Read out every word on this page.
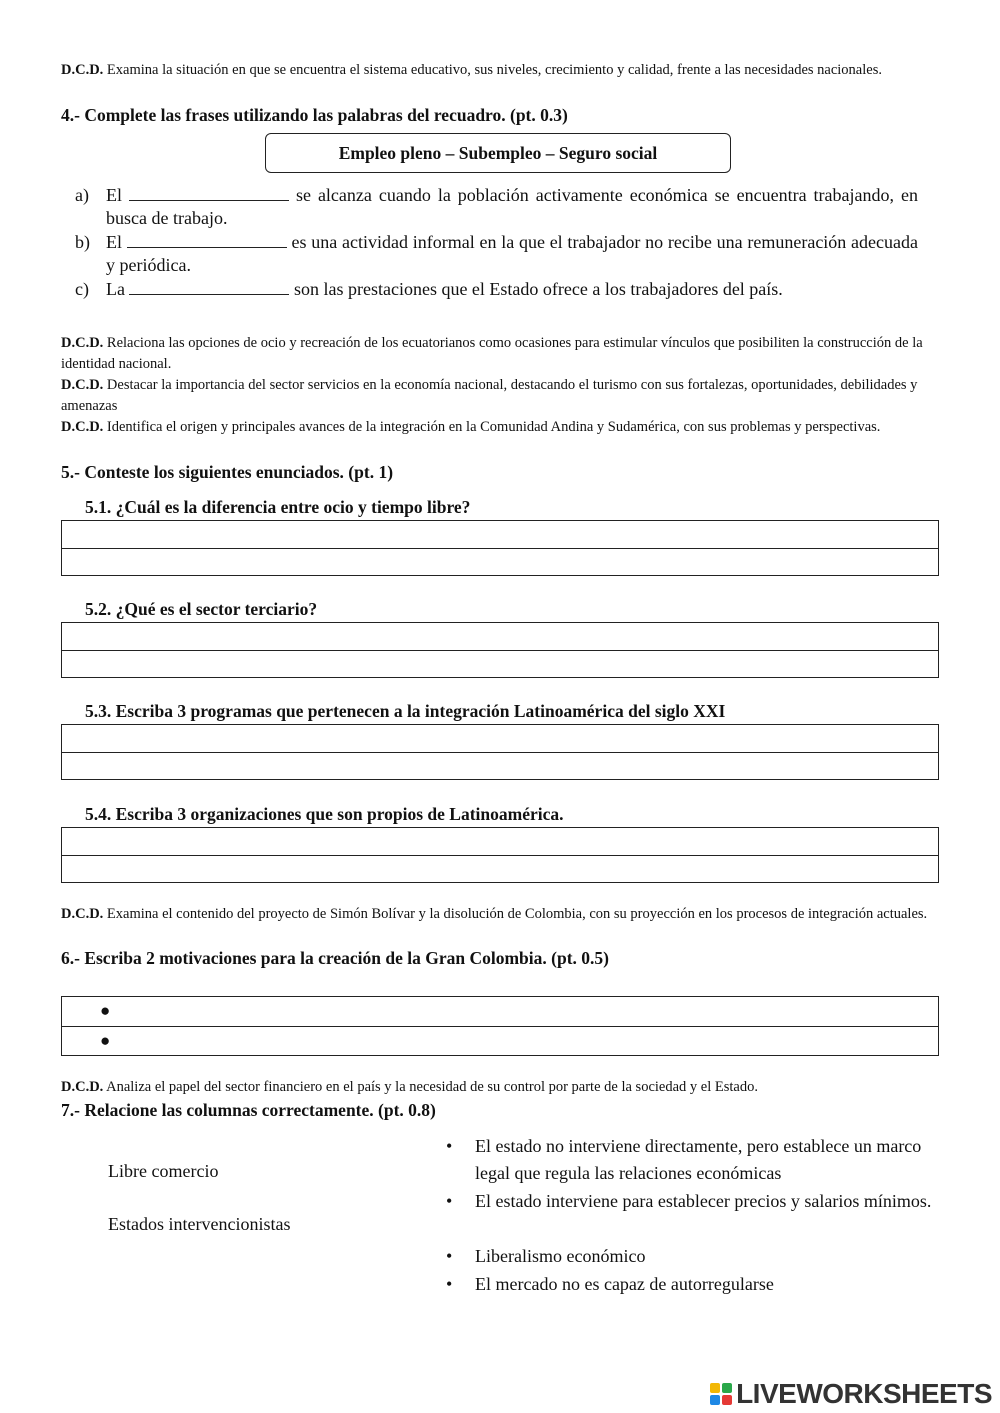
D.C.D. Examina la situación en que se encuentra el sistema educativo, sus niveles, crecimiento y calidad, frente a las necesidades nacionales.
4.- Complete las frases utilizando las palabras del recuadro. (pt. 0.3)
Empleo pleno – Subempleo – Seguro social
a) El	se alcanza cuando la población activamente económica se encuentra trabajando, en busca de trabajo.
b) El	es una actividad informal en la que el trabajador no recibe una remuneración adecuada y periódica.
c) La	son las prestaciones que el Estado ofrece a los trabajadores del país.
D.C.D. Relaciona las opciones de ocio y recreación de los ecuatorianos como ocasiones para estimular vínculos que posibiliten la construcción de la identidad nacional.
D.C.D. Destacar la importancia del sector servicios en la economía nacional, destacando el turismo con sus fortalezas, oportunidades, debilidades y amenazas
D.C.D. Identifica el origen y principales avances de la integración en la Comunidad Andina y Sudamérica, con sus problemas y perspectivas.
5.- Conteste los siguientes enunciados. (pt. 1)
5.1. ¿Cuál es la diferencia entre ocio y tiempo libre?
5.2. ¿Qué es el sector terciario?
5.3. Escriba 3 programas que pertenecen a la integración Latinoamérica del siglo XXI
5.4. Escriba 3 organizaciones que son propios de Latinoamérica.
D.C.D. Examina el contenido del proyecto de Simón Bolívar y la disolución de Colombia, con su proyección en los procesos de integración actuales.
6.- Escriba 2 motivaciones para la creación de la Gran Colombia. (pt. 0.5)
●
●
D.C.D. Analiza el papel del sector financiero en el país y la necesidad de su control por parte de la sociedad y el Estado.
7.- Relacione las columnas correctamente. (pt. 0.8)
Libre comercio
Estados intervencionistas
• El estado no interviene directamente, pero establece un marco legal que regula las relaciones económicas
• El estado interviene para establecer precios y salarios mínimos.
• Liberalismo económico
• El mercado no es capaz de autorregularse
LIVEWORKSHEETS
